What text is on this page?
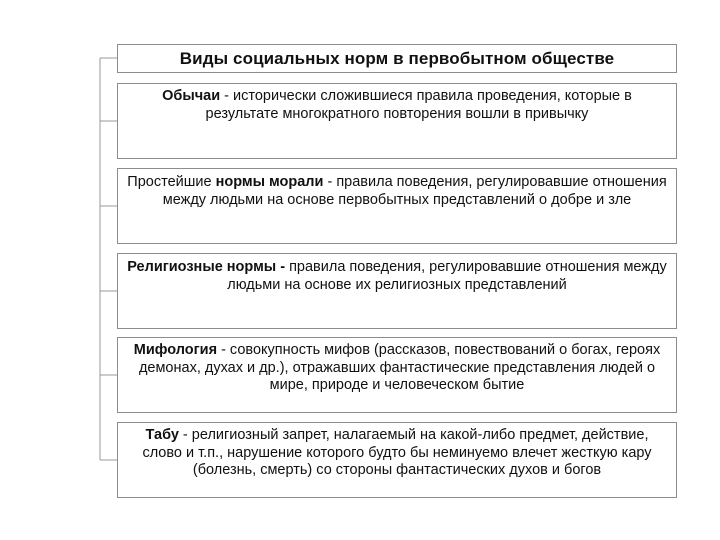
Виды социальных норм в первобытном обществе
Обычаи - исторически сложившиеся правила проведения, которые в результате многократного повторения вошли в привычку
Простейшие нормы морали - правила поведения, регулировавшие отношения между людьми на основе первобытных представлений о добре и зле
Религиозные нормы - правила поведения, регулировавшие отношения между людьми на основе их религиозных представлений
Мифология - совокупность мифов (рассказов, повествований о богах, героях демонах, духах и др.), отражавших фантастические представления людей о мире, природе и человеческом бытие
Табу - религиозный запрет, налагаемый на какой-либо предмет, действие, слово и т.п., нарушение которого будто бы неминуемо влечет жесткую кару (болезнь, смерть) со стороны фантастических духов и богов
